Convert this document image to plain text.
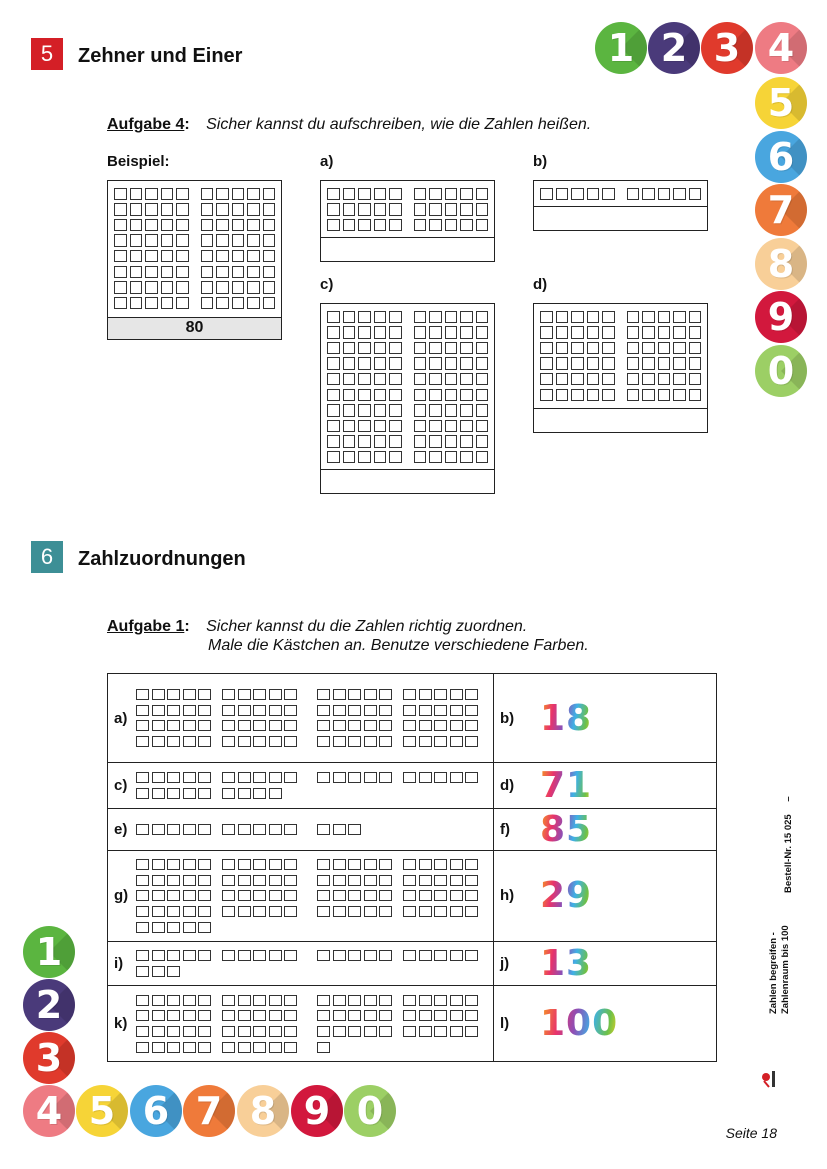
1 2 3 4
5
6
7
8
9
0
1
2
3
4 5 6 7 8 9 0
5	Zehner und Einer
Aufgabe 4: Sicher kannst du aufschreiben, wie die Zahlen heißen.
Beispiel:	a)	b)
c)	d)
80
6	Zahlzuordnungen
Aufgabe 1: Sicher kannst du die Zahlen richtig zuordnen.
Male die Kästchen an. Benutze verschiedene Farben.
a)	b) 18
c)	d) 71
e)	f) 85
g)	h) 29
i)	j) 13
k)	l) 100
Bestell-Nr. 15 025 –
Zahlen begreifen - Zahlenraum bis 100
Seite 18
